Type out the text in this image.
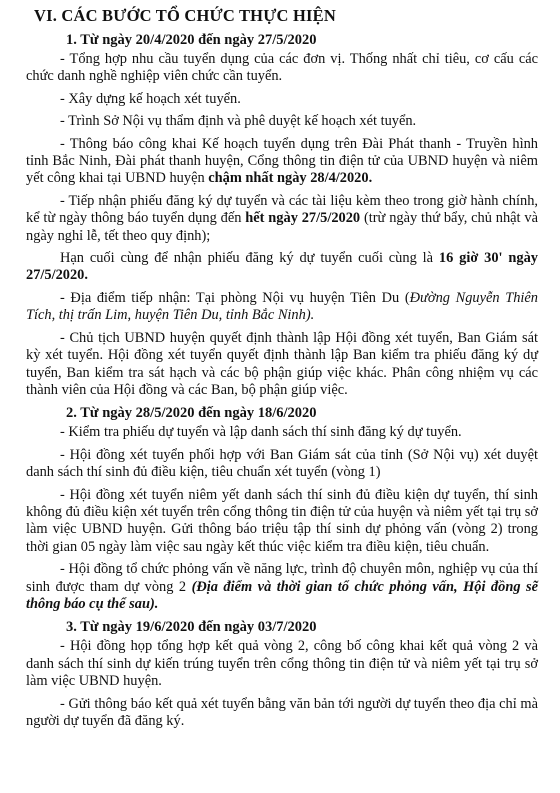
VI. CÁC BƯỚC TỔ CHỨC THỰC HIỆN
1. Từ ngày 20/4/2020 đến ngày 27/5/2020
- Tổng hợp nhu cầu tuyển dụng của các đơn vị. Thống nhất chỉ tiêu, cơ cấu các chức danh nghề nghiệp viên chức cần tuyển.
- Xây dựng kế hoạch xét tuyển.
- Trình Sở Nội vụ thẩm định và phê duyệt kế hoạch xét tuyển.
- Thông báo công khai Kế hoạch tuyển dụng trên Đài Phát thanh - Truyền hình tỉnh Bắc Ninh, Đài phát thanh huyện, Cổng thông tin điện tử của UBND huyện và niêm yết công khai tại UBND huyện chậm nhất ngày 28/4/2020.
- Tiếp nhận phiếu đăng ký dự tuyển và các tài liệu kèm theo trong giờ hành chính, kể từ ngày thông báo tuyển dụng đến hết ngày 27/5/2020 (trừ ngày thứ bẩy, chủ nhật và ngày nghỉ lễ, tết theo quy định);
Hạn cuối cùng để nhận phiếu đăng ký dự tuyển cuối cùng là 16 giờ 30' ngày 27/5/2020.
- Địa điểm tiếp nhận: Tại phòng Nội vụ huyện Tiên Du (Đường Nguyễn Thiên Tích, thị trấn Lim, huyện Tiên Du, tỉnh Bắc Ninh).
- Chủ tịch UBND huyện quyết định thành lập Hội đồng xét tuyển, Ban Giám sát kỳ xét tuyển. Hội đồng xét tuyển quyết định thành lập Ban kiểm tra phiếu đăng ký dự tuyển, Ban kiểm tra sát hạch và các bộ phận giúp việc khác. Phân công nhiệm vụ các thành viên của Hội đồng và các Ban, bộ phận giúp việc.
2. Từ ngày 28/5/2020 đến ngày 18/6/2020
- Kiểm tra phiếu dự tuyển và lập danh sách thí sinh đăng ký dự tuyển.
- Hội đồng xét tuyển phối hợp với Ban Giám sát của tỉnh (Sở Nội vụ) xét duyệt danh sách thí sinh đủ điều kiện, tiêu chuẩn xét tuyển (vòng 1)
- Hội đồng xét tuyển niêm yết danh sách thí sinh đủ điều kiện dự tuyển, thí sinh không đủ điều kiện xét tuyển trên cổng thông tin điện tử của huyện và niêm yết tại trụ sở làm việc UBND huyện. Gửi thông báo triệu tập thí sinh dự phỏng vấn (vòng 2) trong thời gian 05 ngày làm việc sau ngày kết thúc việc kiểm tra điều kiện, tiêu chuẩn.
- Hội đồng tổ chức phỏng vấn về năng lực, trình độ chuyên môn, nghiệp vụ của thí sinh được tham dự vòng 2 (Địa điểm và thời gian tổ chức phỏng vấn, Hội đồng sẽ thông báo cụ thể sau).
3. Từ ngày 19/6/2020 đến ngày 03/7/2020
- Hội đồng họp tổng hợp kết quả vòng 2, công bố công khai kết quả vòng 2 và danh sách thí sinh dự kiến trúng tuyển trên cổng thông tin điện tử và niêm yết tại trụ sở làm việc UBND huyện.
- Gửi thông báo kết quả xét tuyển bằng văn bản tới người dự tuyển theo địa chỉ mà người dự tuyển đã đăng ký.
